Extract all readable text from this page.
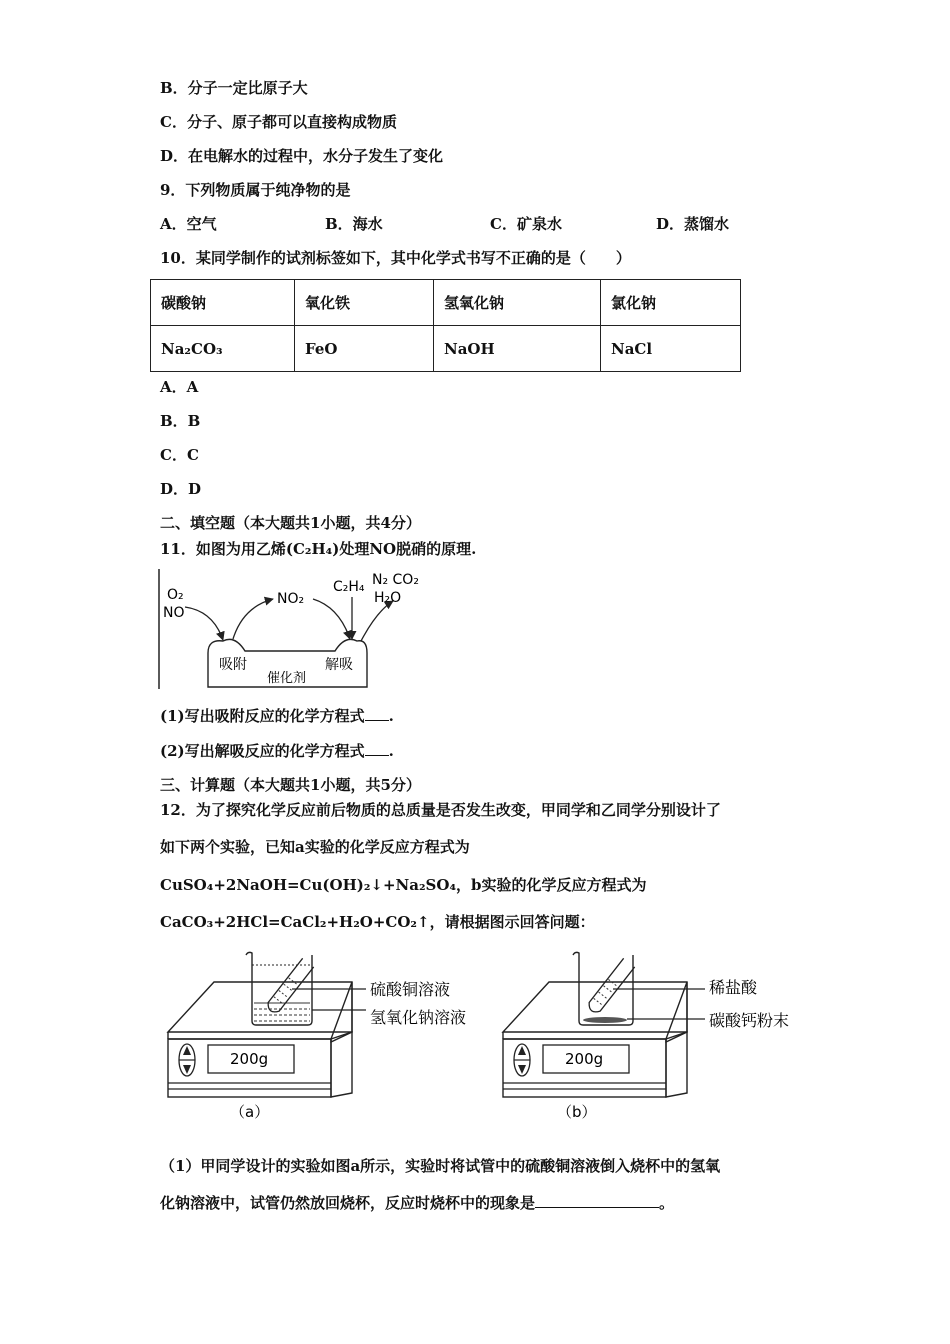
B．分子一定比原子大
C．分子、原子都可以直接构成物质
D．在电解水的过程中，水分子发生了变化
9．下列物质属于纯净物的是
A．空气	B．海水	C．矿泉水	D．蒸馏水
10．某同学制作的试剂标签如下，其中化学式书写不正确的是（　　）
碳酸钠	氧化铁	氢氧化钠	氯化钠
Na₂CO₃	FeO	NaOH	NaCl
A．A
B．B
C．C
D．D
二、填空题（本大题共1小题，共4分）
11．如图为用乙烯(C₂H₄)处理NO脱硝的原理.
吸附	解吸
催化剂
O₂
NO
NO₂
C₂H₄ N₂ CO₂
H₂O
(1)写出吸附反应的化学方程式 .
(2)写出解吸反应的化学方程式 .
三、计算题（本大题共1小题，共5分）
12．为了探究化学反应前后物质的总质量是否发生改变，甲同学和乙同学分别设计了
如下两个实验，已知a实验的化学反应方程式为
CuSO₄+2NaOH=Cu(OH)₂↓+Na₂SO₄，b实验的化学反应方程式为
CaCO₃+2HCl=CaCl₂+H₂O+CO₂↑，请根据图示回答问题：
200g
硫酸铜溶液
氢氧化钠溶液
（a）
200g
稀盐酸
碳酸钙粉末
（b）
（1）甲同学设计的实验如图a所示，实验时将试管中的硫酸铜溶液倒入烧杯中的氢氧
化钠溶液中，试管仍然放回烧杯，反应时烧杯中的现象是	。
